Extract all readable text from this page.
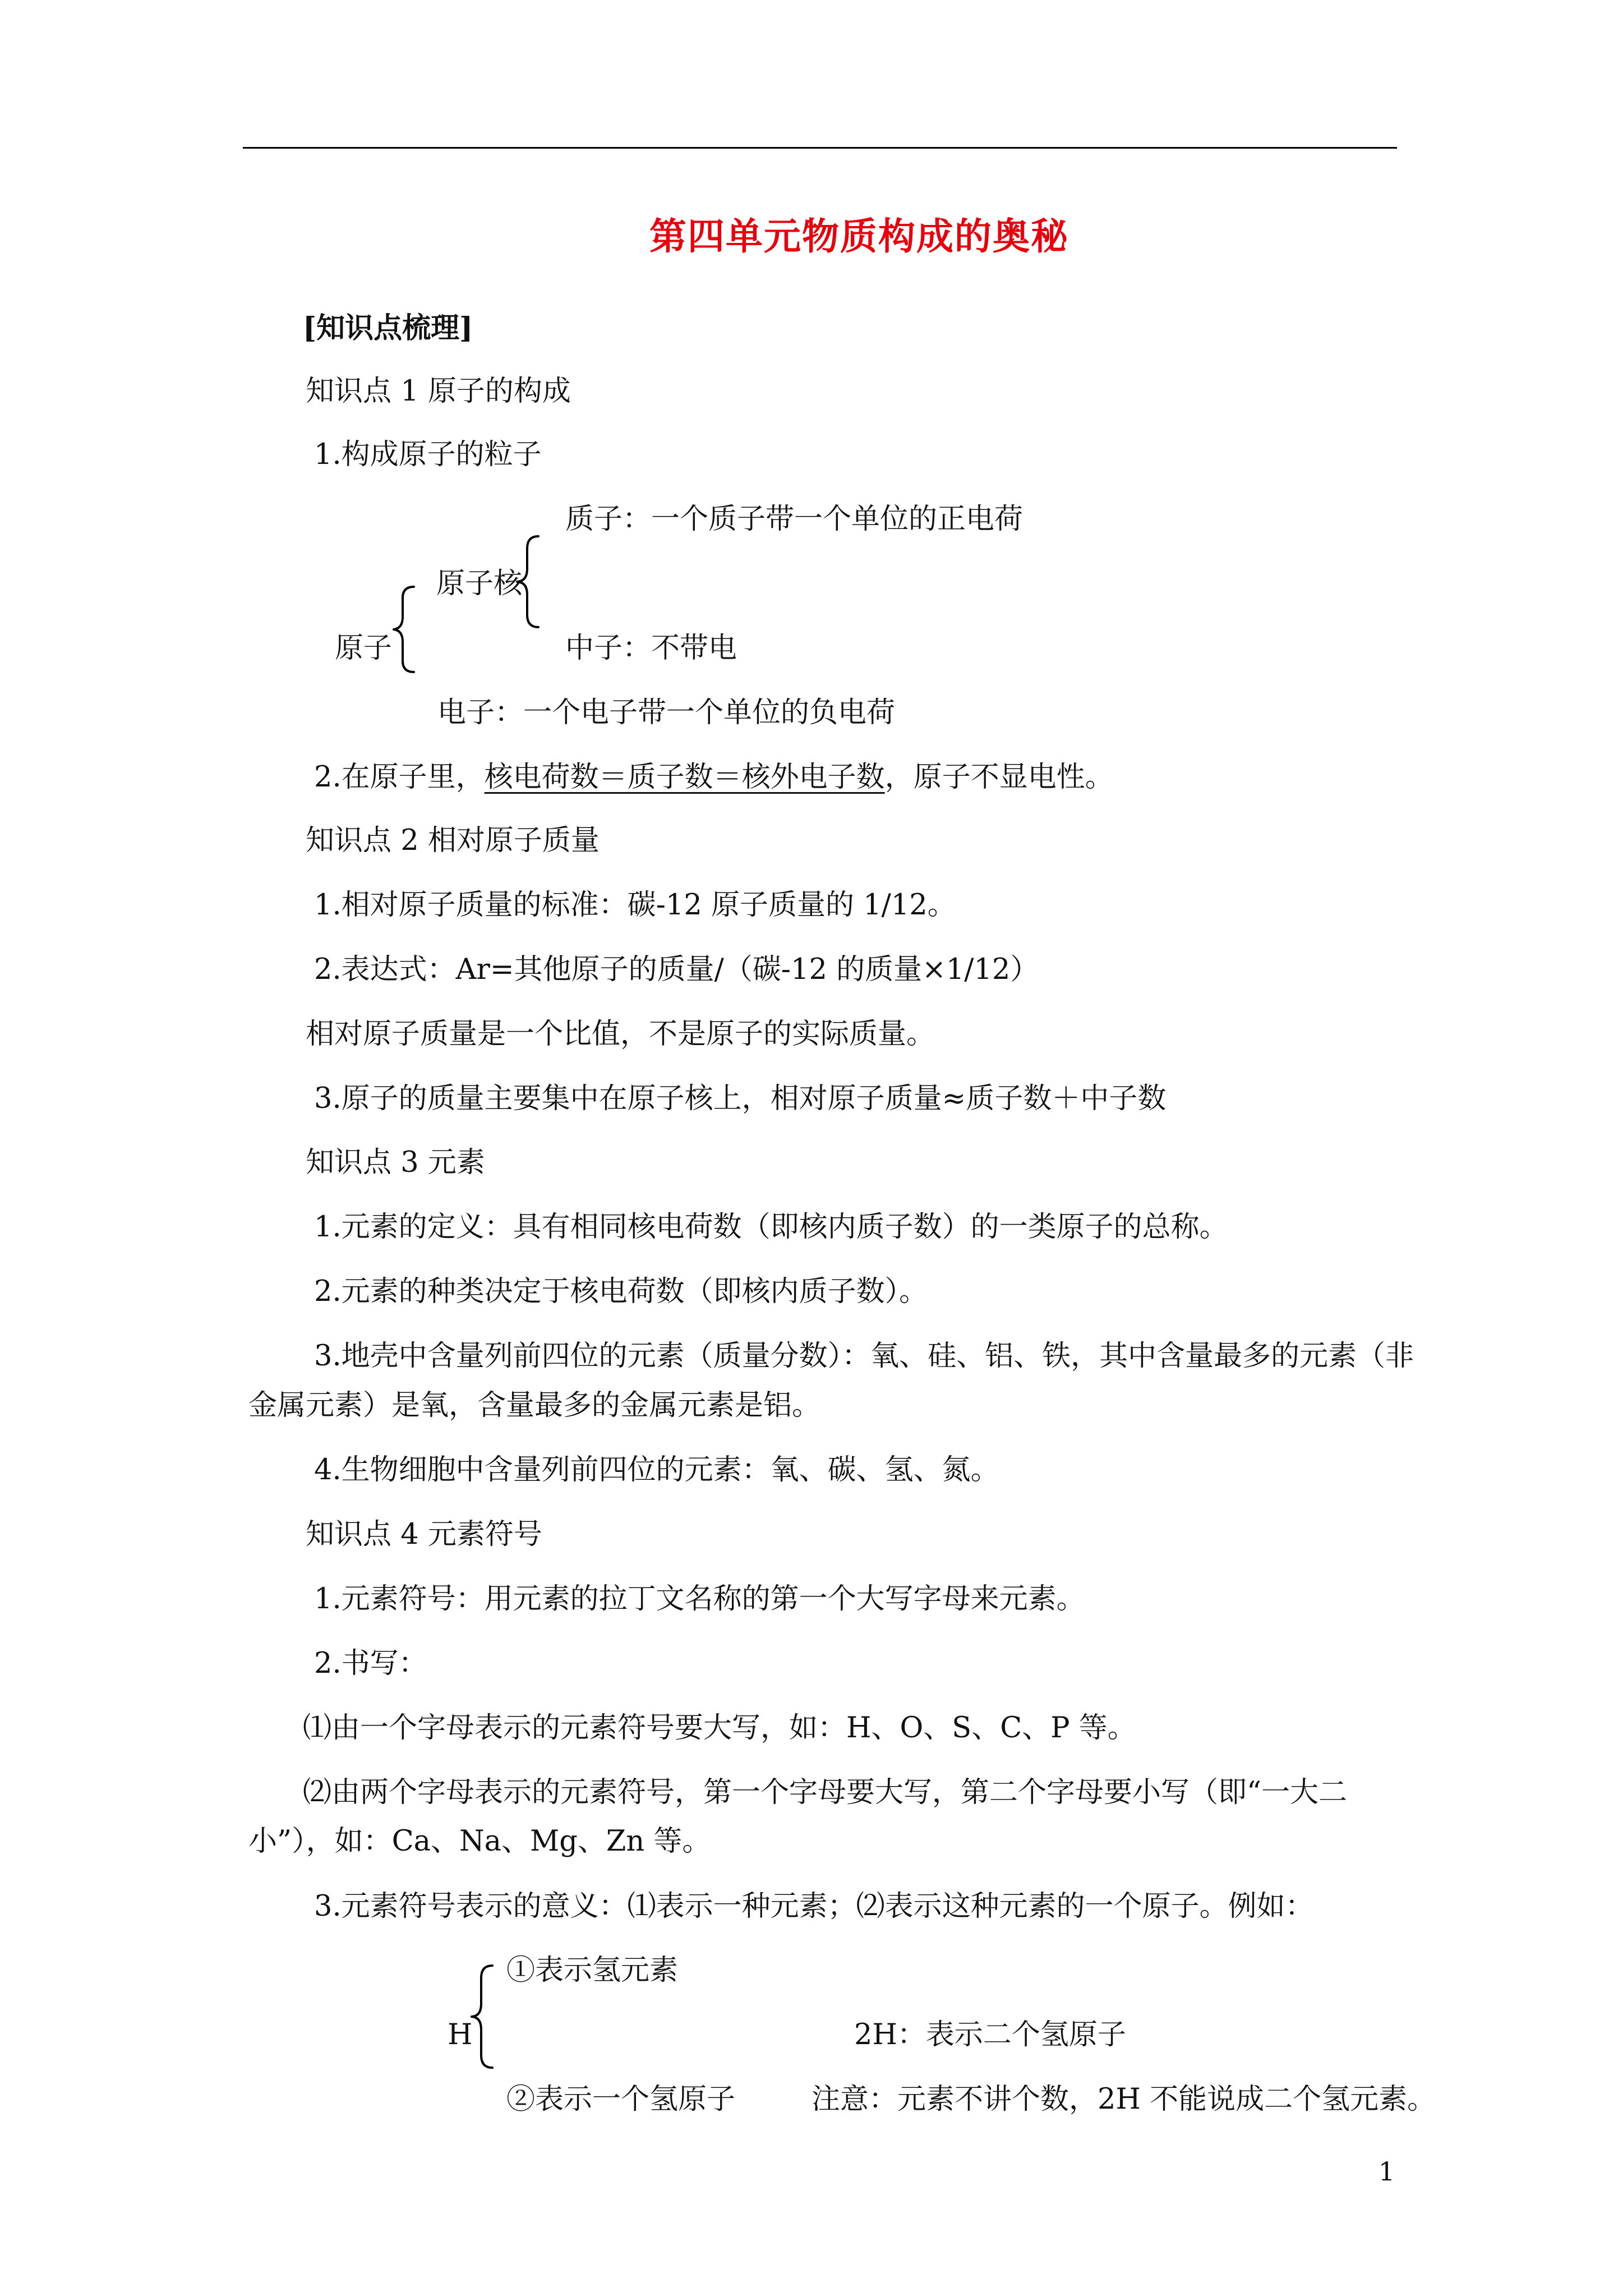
第四单元物质构成的奥秘
[知识点梳理]
知识点 1 原子的构成
1.构成原子的粒子
质子：一个质子带一个单位的正电荷
原子核
原子	中子：不带电
电子：一个电子带一个单位的负电荷
2.在原子里，核电荷数＝质子数＝核外电子数，原子不显电性。
知识点 2 相对原子质量
1.相对原子质量的标准：碳-12 原子质量的 1/12。
2.表达式：Ar=其他原子的质量/（碳-12 的质量×1/12）
相对原子质量是一个比值，不是原子的实际质量。
3.原子的质量主要集中在原子核上，相对原子质量≈质子数＋中子数
知识点 3 元素
1.元素的定义：具有相同核电荷数（即核内质子数）的一类原子的总称。
2.元素的种类决定于核电荷数（即核内质子数）。
3.地壳中含量列前四位的元素（质量分数）：氧、硅、铝、铁，其中含量最多的元素（非
金属元素）是氧，含量最多的金属元素是铝。
4.生物细胞中含量列前四位的元素：氧、碳、氢、氮。
知识点 4 元素符号
1.元素符号：用元素的拉丁文名称的第一个大写字母来元素。
2.书写：
⑴由一个字母表示的元素符号要大写，如：H、O、S、C、P 等。
⑵由两个字母表示的元素符号，第一个字母要大写，第二个字母要小写（即“一大二
小”），如：Ca、Na、Mg、Zn 等。
3.元素符号表示的意义：⑴表示一种元素；⑵表示这种元素的一个原子。例如：
①表示氢元素
H	2H：表示二个氢原子
②表示一个氢原子	注意：元素不讲个数，2H 不能说成二个氢元素。
1
